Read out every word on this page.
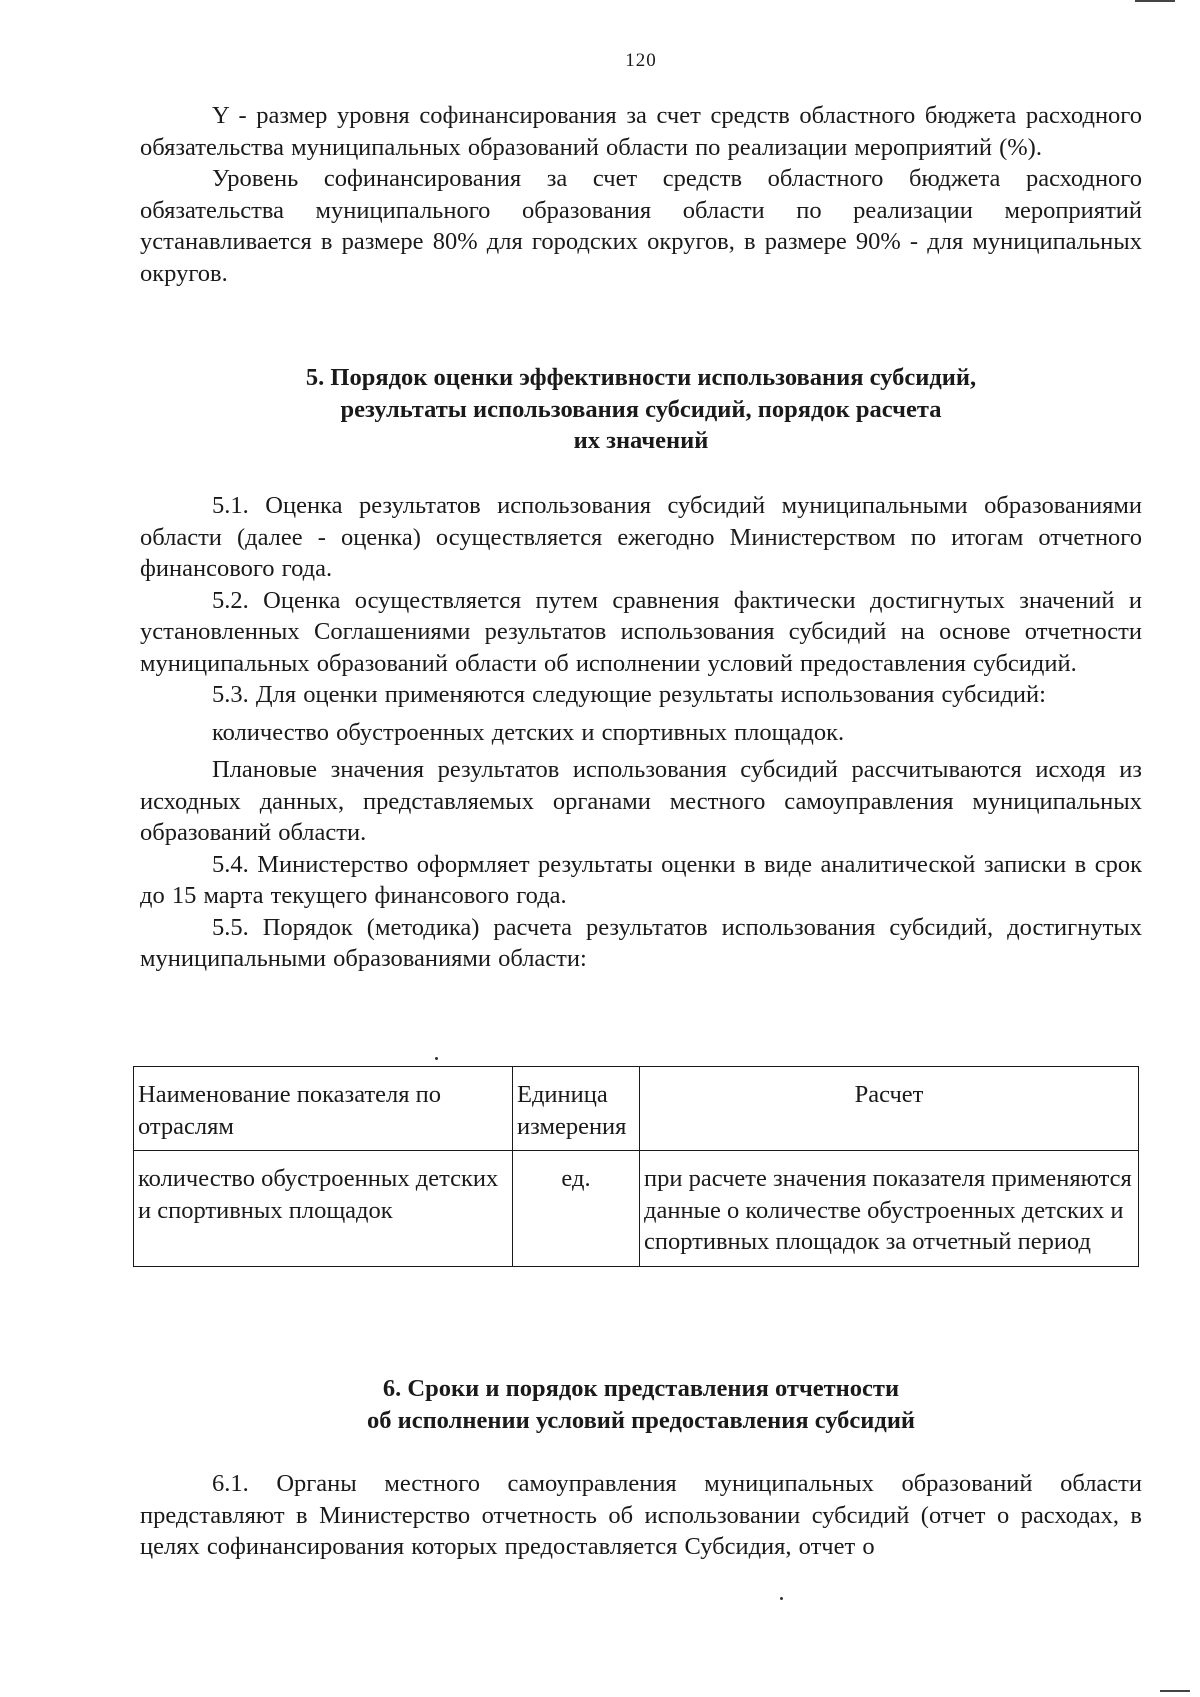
120

Y - размер уровня софинансирования за счет средств областного бюджета расходного обязательства муниципальных образований области по реализации мероприятий (%).

Уровень софинансирования за счет средств областного бюджета расходного обязательства муниципального образования области по реализации мероприятий устанавливается в размере 80% для городских округов, в размере 90% - для муниципальных округов.

5. Порядок оценки эффективности использования субсидий,
результаты использования субсидий, порядок расчета
их значений

5.1. Оценка результатов использования субсидий муниципальными образованиями области (далее - оценка) осуществляется ежегодно Министерством по итогам отчетного финансового года.

5.2. Оценка осуществляется путем сравнения фактически достигнутых значений и установленных Соглашениями результатов использования субсидий на основе отчетности муниципальных образований области об исполнении условий предоставления субсидий.

5.3. Для оценки применяются следующие результаты использования субсидий:

количество обустроенных детских и спортивных площадок.

Плановые значения результатов использования субсидий рассчитываются исходя из исходных данных, представляемых органами местного самоуправления муниципальных образований области.

5.4. Министерство оформляет результаты оценки в виде аналитической записки в срок до 15 марта текущего финансового года.

5.5. Порядок (методика) расчета результатов использования субсидий, достигнутых муниципальными образованиями области:

Наименование показателя по отраслям	Единица измерения	Расчет
количество обустроенных детских и спортивных площадок	ед.	при расчете значения показателя применяются данные о количестве обустроенных детских и спортивных площадок за отчетный период
6. Сроки и порядок представления отчетности
об исполнении условий предоставления субсидий

6.1. Органы местного самоуправления муниципальных образований области представляют в Министерство отчетность об использовании субсидий (отчет о расходах, в целях софинансирования которых предоставляется Субсидия, отчет о
